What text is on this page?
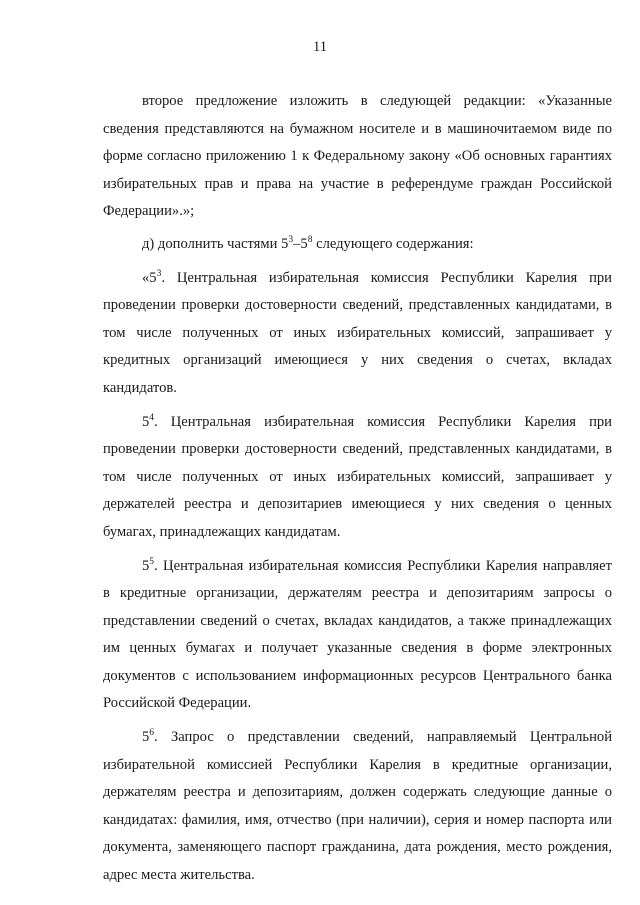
11

второе предложение изложить в следующей редакции: «Указанные сведения представляются на бумажном носителе и в машиночитаемом виде по форме согласно приложению 1 к Федеральному закону «Об основных гарантиях избирательных прав и права на участие в референдуме граждан Российской Федерации».»;

д) дополнить частями $5^3-5^8$ следующего содержания:

«$5^3$. Центральная избирательная комиссия Республики Карелия при проведении проверки достоверности сведений, представленных кандидатами, в том числе полученных от иных избирательных комиссий, запрашивает у кредитных организаций имеющиеся у них сведения о счетах, вкладах кандидатов.

$5^4$. Центральная избирательная комиссия Республики Карелия при проведении проверки достоверности сведений, представленных кандидатами, в том числе полученных от иных избирательных комиссий, запрашивает у держателей реестра и депозитариев имеющиеся у них сведения о ценных бумагах, принадлежащих кандидатам.

$5^5$. Центральная избирательная комиссия Республики Карелия направляет в кредитные организации, держателям реестра и депозитариям запросы о представлении сведений о счетах, вкладах кандидатов, а также принадлежащих им ценных бумагах и получает указанные сведения в форме электронных документов с использованием информационных ресурсов Центрального банка Российской Федерации.

$5^6$. Запрос о представлении сведений, направляемый Центральной избирательной комиссией Республики Карелия в кредитные организации, держателям реестра и депозитариям, должен содержать следующие данные о кандидатах: фамилия, имя, отчество (при наличии), серия и номер паспорта или документа, заменяющего паспорт гражданина, дата рождения, место рождения, адрес места жительства.
